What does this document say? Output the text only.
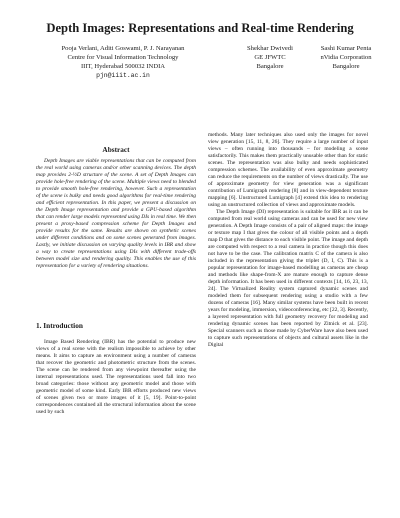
Depth Images: Representations and Real-time Rendering
Pooja Verlani, Aditi Goswami, P. J. Narayanan
Centre for Visual Information Technology
IIIT, Hyderabad 500032 INDIA
pjn@iiit.ac.in
Shekhar Dwivedi
GE JFWTC
Bangalore
Sashi Kumar Penta
nVidia Corporation
Bangalore
Abstract

Depth Images are viable representations that can be computed from the real world using cameras and/or other scanning devices. The depth map provides 2-½D structure of the scene. A set of Depth Images can provide hole-free rendering of the scene. Multiple views need to blended to provide smooth hole-free rendering, however. Such a representation of the scene is bulky and needs good algorithms for real-time rendering and efficient representation. In this paper, we present a discussion on the Depth Image representation and provide a GPU-based algorithm that can render large models represented using DIs in real time. We then present a proxy-based compression scheme for Depth Images and provide results for the same. Results are shown on synthetic scenes under different conditions and on some scenes generated from images. Lastly, we initiate discussion on varying quality levels in IBR and show a way to create representations using DIs with different trade-offs between model size and rendering quality. This enables the use of this representation for a variety of rendering situations.

1. Introduction

Image Based Rendering (IBR) has the potential to produce new views of a real scene with the realism impossible to achieve by other means. It aims to capture an environment using a number of cameras that recover the geometric and photometric structure from the scenes. The scene can be rendered from any viewpoint thereafter using the internal representations used. The representations used fall into two broad categories: those without any geometric model and those with geometric model of some kind. Early IBR efforts produced new views of scenes given two or more images of it [5, 19]. Point-to-point correspondences contained all the structural information about the scene used by such

methods. Many later techniques also used only the images for novel view generation [15, 11, 8, 26]. They require a large number of input views – often running into thousands – for modeling a scene satisfactorily. This makes them practically unusable other than for static scenes. The representation was also bulky and needs sophisticated compression schemes. The availability of even approximate geometry can reduce the requirements on the number of views drastically. The use of approximate geometry for view generation was a significant contribution of Lumigraph rendering [8] and in view-dependent texture mapping [6]. Unstructured Lumigraph [4] extend this idea to rendering using an unstructured collection of views and approximate models.

The Depth Image (DI) representation is suitable for IBR as it can be computed from real world using cameras and can be used for new view generation. A Depth Image consists of a pair of aligned maps: the image or texture map I that gives the colour of all visible points and a depth map D that gives the distance to each visible point. The image and depth are computed with respect to a real camera in practice though this does not have to be the case. The calibration matrix C of the camera is also included in the representation giving the triplet (D, I, C). This is a popular representation for image-based modelling as cameras are cheap and methods like shape-from-X are mature enough to capture dense depth information. It has been used in different contexts [14, 16, 23, 13, 24]. The Virtualized Reality system captured dynamic scenes and modeled them for subsequent rendering using a studio with a few dozens of cameras [16]. Many similar systems have been built in recent years for modeling, immersion, videoconferencing, etc [22, 3]. Recently, a layered representation with full geometry recovery for modeling and rendering dynamic scenes has been reported by Zitnick et al. [23]. Special scanners such as those made by CyberWare have also been used to capture such representations of objects and cultural assets like in the Digital
